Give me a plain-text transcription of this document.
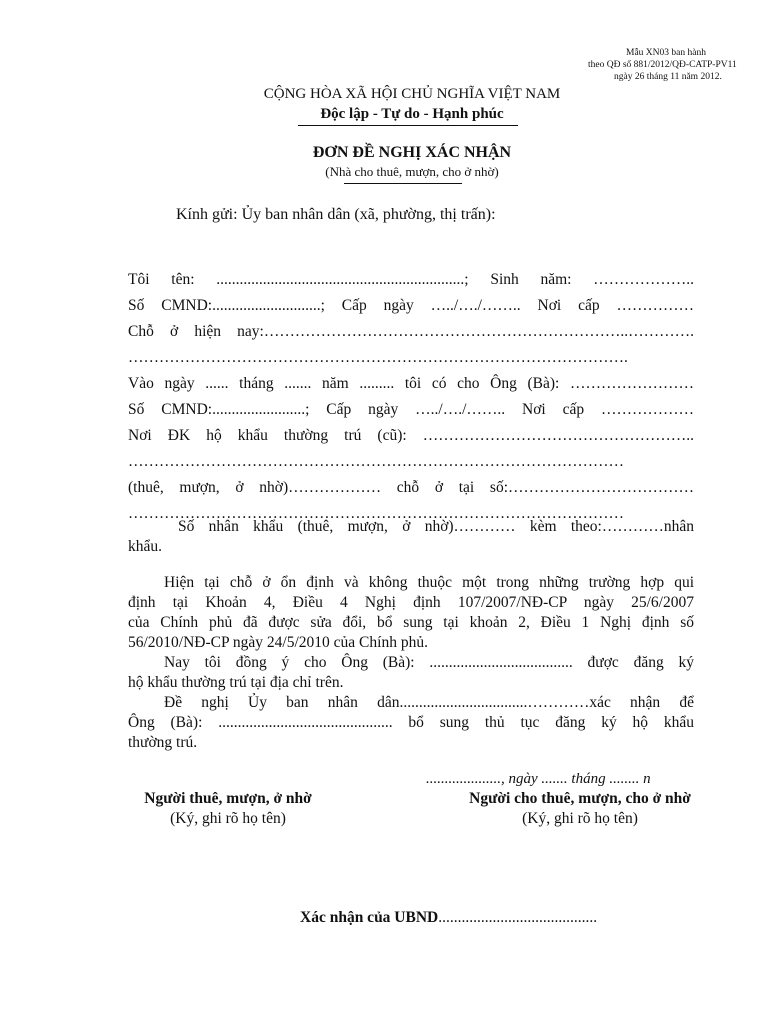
Mẫu XN03 ban hành
theo QĐ số 881/2012/QĐ-CATP-PV11
ngày 26 tháng 11 năm 2012.
CỘNG HÒA XÃ HỘI CHỦ NGHĨA VIỆT NAM
Độc lập - Tự do - Hạnh phúc
ĐƠN ĐỀ NGHỊ XÁC NHẬN
(Nhà cho thuê, mượn, cho ở nhờ)
Kính gửi: Ủy ban nhân dân (xã, phường, thị trấn):
Tôi tên: ................................................................; Sinh năm: ………………..
Số CMND:............................; Cấp ngày …../…./…….. Nơi cấp ……………
Chỗ ở hiện nay:……………………………………………………………..………….
…………………………………………………………………………………….
Vào ngày ...... tháng ....... năm ......... tôi có cho Ông (Bà): ……………………
Số CMND:........................; Cấp ngày …../…./…….. Nơi cấp ………………
Nơi ĐK hộ khẩu thường trú (cũ): ……………………………………………..
……………………………………………………………………………………
(thuê, mượn, ở nhờ)……………… chỗ ở tại số:………………………………
……………………………………………………………………………………
Số nhân khẩu (thuê, mượn, ở nhờ)………… kèm theo:…………nhân
khẩu.
Hiện tại chỗ ở ổn định và không thuộc một trong những trường hợp qui
định tại Khoản 4, Điều 4 Nghị định 107/2007/NĐ-CP ngày 25/6/2007
của Chính phủ đã được sửa đổi, bổ sung tại khoản 2, Điều 1 Nghị định số
56/2010/NĐ-CP ngày 24/5/2010 của Chính phủ.
Nay tôi đồng ý cho Ông (Bà): ..................................... được đăng ký
hộ khẩu thường trú tại địa chỉ trên.
Đề nghị Ủy ban nhân dân.................................…………xác nhận để
Ông (Bà): ............................................. bổ sung thủ tục đăng ký hộ khẩu
thường trú.
...................., ngày ....... tháng ........ n
Người thuê, mượn, ở nhờ
(Ký, ghi rõ họ tên)
Người cho thuê, mượn, cho ở nhờ
(Ký, ghi rõ họ tên)
Xác nhận của UBND.........................................
